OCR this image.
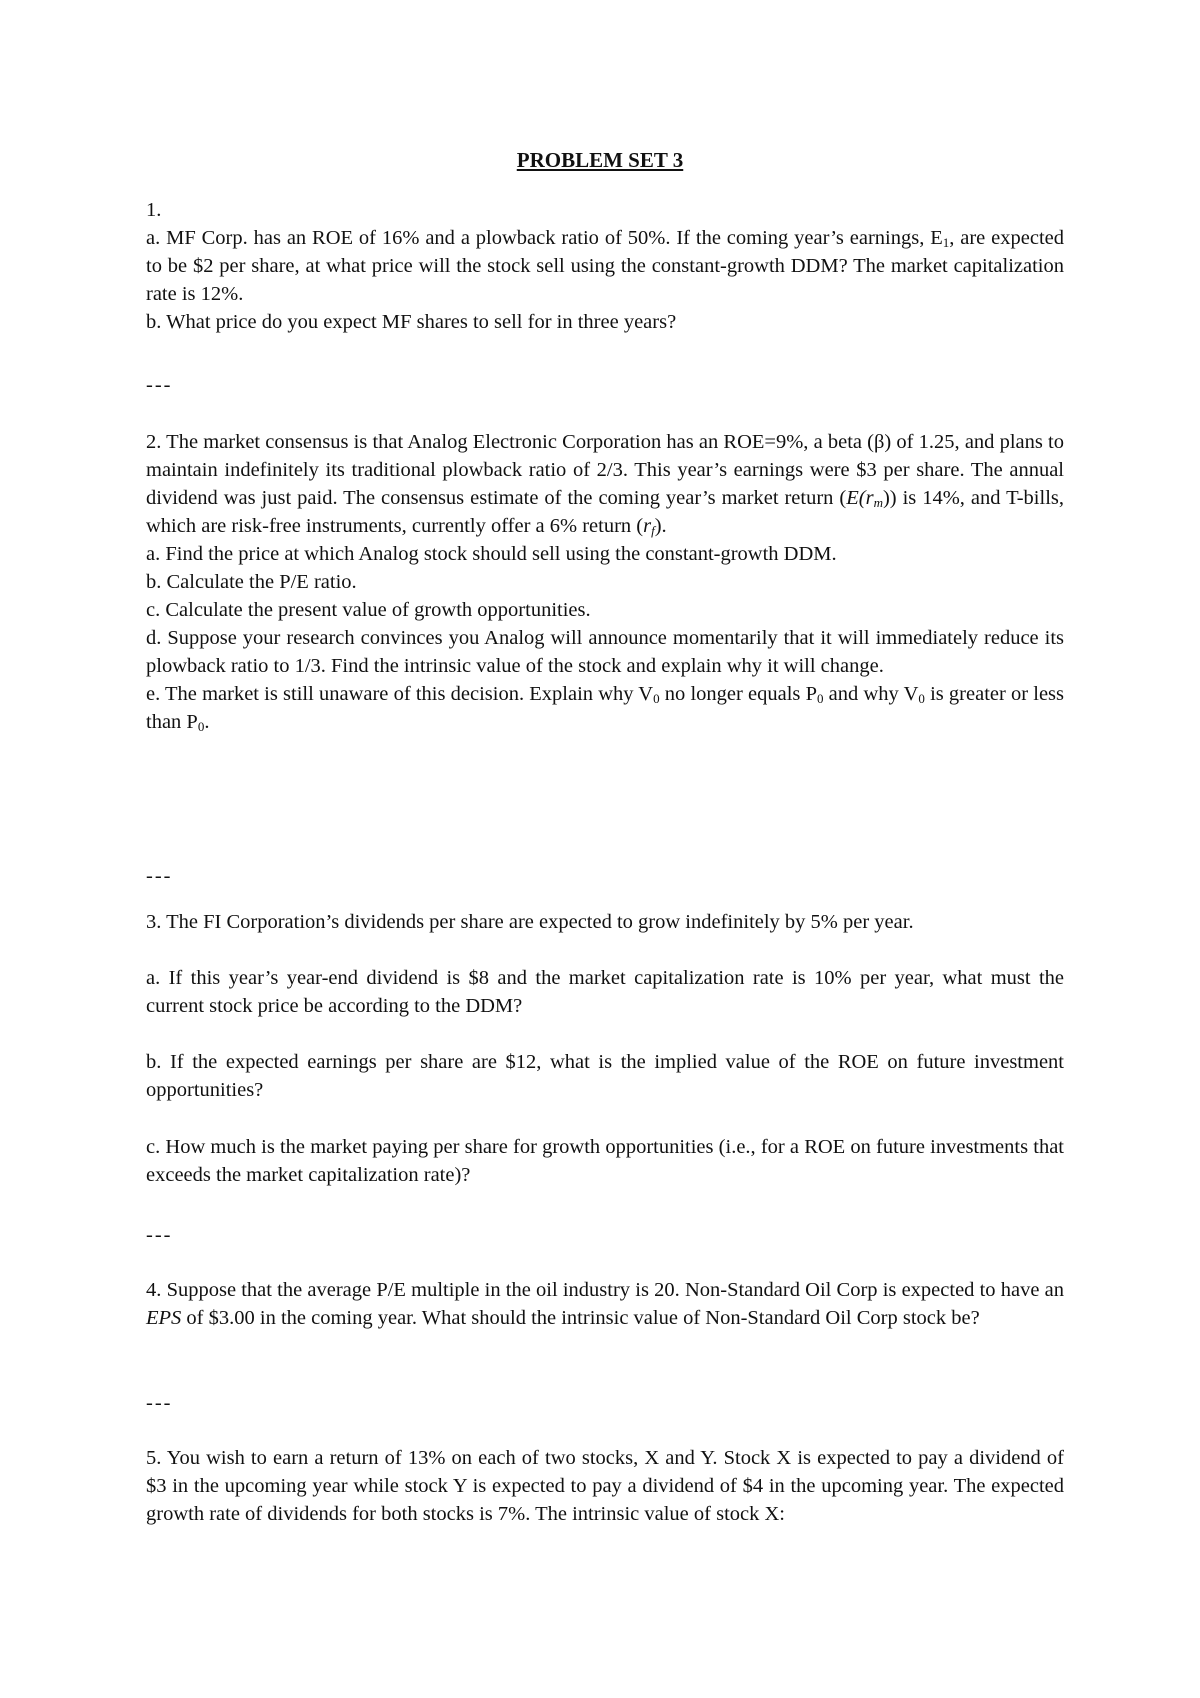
PROBLEM SET 3

1.

a. MF Corp. has an ROE of 16% and a plowback ratio of 50%. If the coming year’s earnings, $E_1$, are expected to be $2 per share, at what price will the stock sell using the constant-growth DDM? The market capitalization rate is 12%.

b. What price do you expect MF shares to sell for in three years?

---

2. The market consensus is that Analog Electronic Corporation has an ROE=9%, a beta (β) of 1.25, and plans to maintain indefinitely its traditional plowback ratio of 2/3. This year’s earnings were $3 per share. The annual dividend was just paid. The consensus estimate of the coming year’s market return $(E(r_m))$ is 14%, and T-bills, which are risk-free instruments, currently offer a 6% return $(r_f)$.

a. Find the price at which Analog stock should sell using the constant-growth DDM.

b. Calculate the P/E ratio.

c. Calculate the present value of growth opportunities.

d. Suppose your research convinces you Analog will announce momentarily that it will immediately reduce its plowback ratio to 1/3. Find the intrinsic value of the stock and explain why it will change.

e. The market is still unaware of this decision. Explain why $V_0$ no longer equals $P_0$ and why $V_0$ is greater or less than $P_0$.

---

3. The FI Corporation’s dividends per share are expected to grow indefinitely by 5% per year.

a. If this year’s year-end dividend is $8 and the market capitalization rate is 10% per year, what must the current stock price be according to the DDM?
b. If the expected earnings per share are $12, what is the implied value of the ROE on future investment opportunities?
c. How much is the market paying per share for growth opportunities (i.e., for a ROE on future investments that exceeds the market capitalization rate)?
---
4. Suppose that the average P/E multiple in the oil industry is 20. Non-Standard Oil Corp is expected to have an EPS of $3.00 in the coming year. What should the intrinsic value of Non-Standard Oil Corp stock be?
---
5. You wish to earn a return of 13% on each of two stocks, X and Y. Stock X is expected to pay a dividend of $3 in the upcoming year while stock Y is expected to pay a dividend of $4 in the upcoming year. The expected growth rate of dividends for both stocks is 7%. The intrinsic value of stock X:
